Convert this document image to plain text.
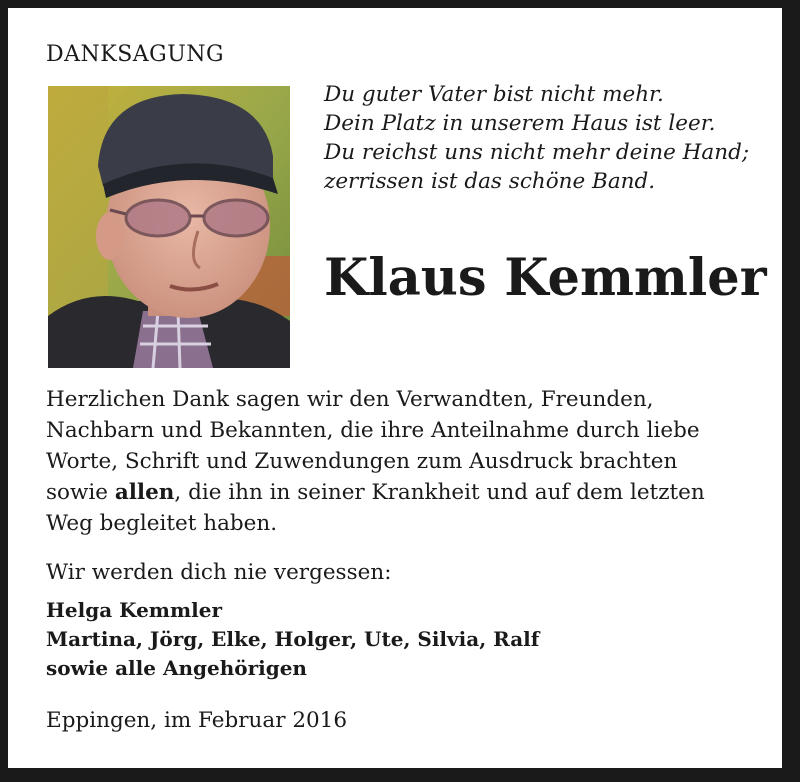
DANKSAGUNG
Du guter Vater bist nicht mehr.
Dein Platz in unserem Haus ist leer.
Du reichst uns nicht mehr deine Hand;
zerrissen ist das schöne Band.
Klaus Kemmler
Herzlichen Dank sagen wir den Verwandten, Freunden,
Nachbarn und Bekannten, die ihre Anteilnahme durch liebe
Worte, Schrift und Zuwendungen zum Ausdruck brachten
sowie allen, die ihn in seiner Krankheit und auf dem letzten
Weg begleitet haben.
Wir werden dich nie vergessen:
Helga Kemmler
Martina, Jörg, Elke, Holger, Ute, Silvia, Ralf
sowie alle Angehörigen
Eppingen, im Februar 2016
